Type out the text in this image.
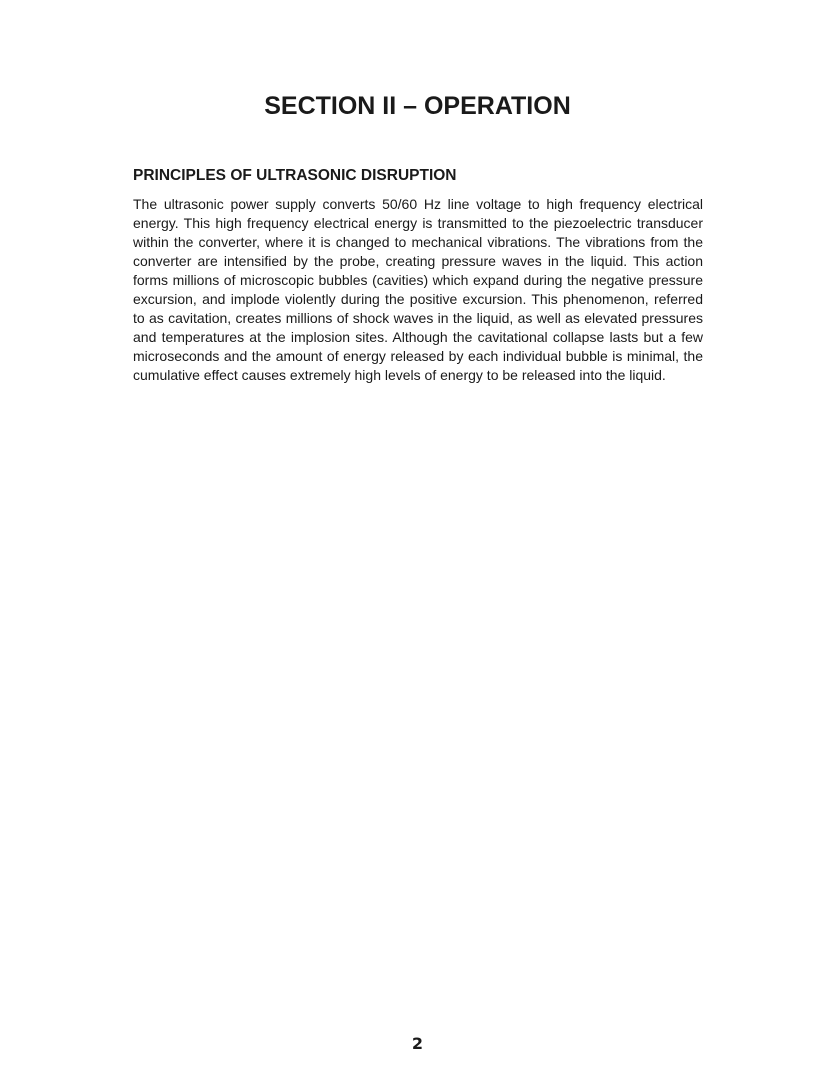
SECTION II – OPERATION
PRINCIPLES OF ULTRASONIC DISRUPTION

The ultrasonic power supply converts 50/60 Hz line voltage to high frequency electrical energy. This high frequency electrical energy is transmitted to the piezoelectric transducer within the converter, where it is changed to mechanical vibrations. The vibrations from the converter are intensified by the probe, creating pressure waves in the liquid. This action forms millions of microscopic bubbles (cavities) which expand during the negative pressure excursion, and implode violently during the positive excursion. This phenomenon, referred to as cavitation, creates millions of shock waves in the liquid, as well as elevated pressures and temperatures at the implosion sites. Although the cavitational collapse lasts but a few microseconds and the amount of energy released by each individual bubble is minimal, the cumulative effect causes extremely high levels of energy to be released into the liquid.

2
